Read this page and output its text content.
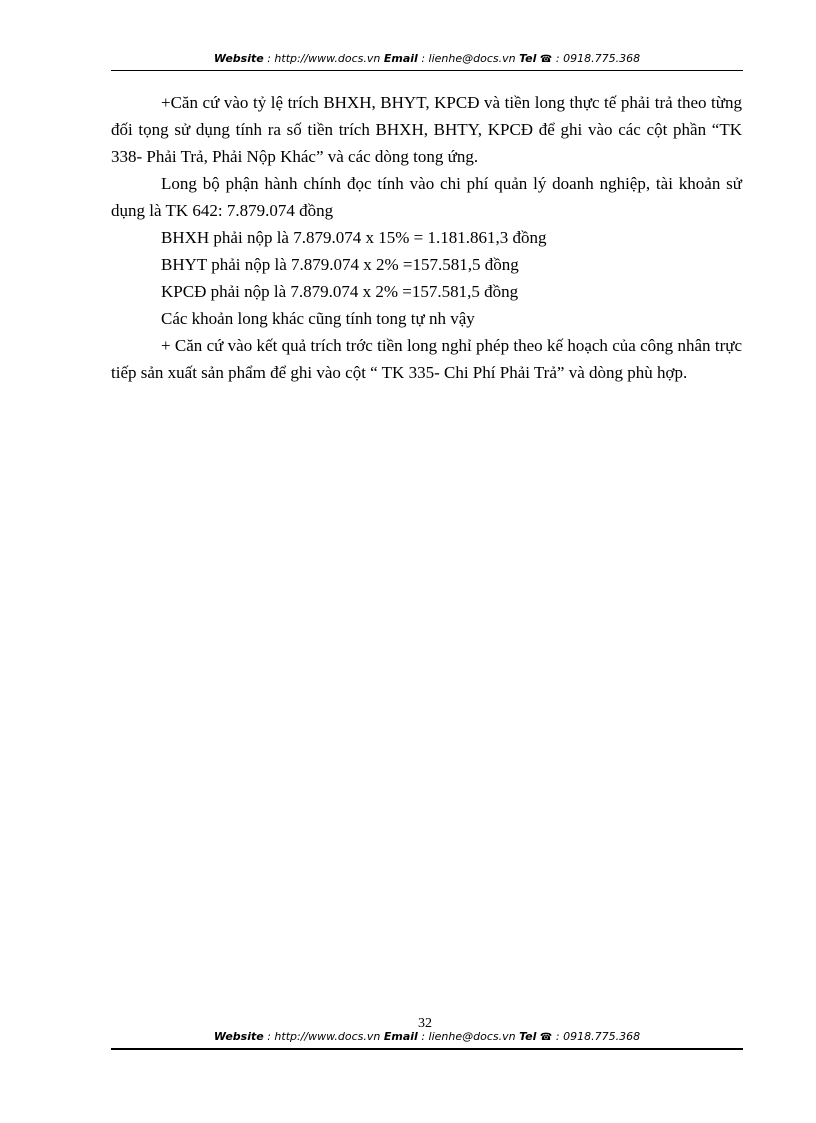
Website : http://www.docs.vn Email : lienhe@docs.vn Tel ☎ : 0918.775.368

+Căn cứ vào tỷ lệ trích BHXH, BHYT, KPCĐ và tiền long thực tế phải trả theo từng đối tọng sử dụng tính ra số tiền trích BHXH, BHTY, KPCĐ để ghi vào các cột phần “TK 338- Phải Trả, Phải Nộp Khác” và các dòng tong ứng.

Long bộ phận hành chính đọc tính vào chi phí quản lý doanh nghiệp, tài khoản sử dụng là TK 642: 7.879.074 đồng

BHXH phải nộp là 7.879.074 x 15% = 1.181.861,3 đồng

BHYT phải nộp là 7.879.074 x 2% =157.581,5 đồng

KPCĐ phải nộp là 7.879.074 x 2% =157.581,5 đồng

Các khoản long khác cũng tính tong tự nh vậy

+ Căn cứ vào kết quả trích trớc tiền long nghỉ phép theo kế hoạch của công nhân trực tiếp sản xuất sản phẩm để ghi vào cột “ TK 335- Chi Phí Phải Trả” và dòng phù hợp.

32
Website : http://www.docs.vn Email : lienhe@docs.vn Tel ☎ : 0918.775.368
